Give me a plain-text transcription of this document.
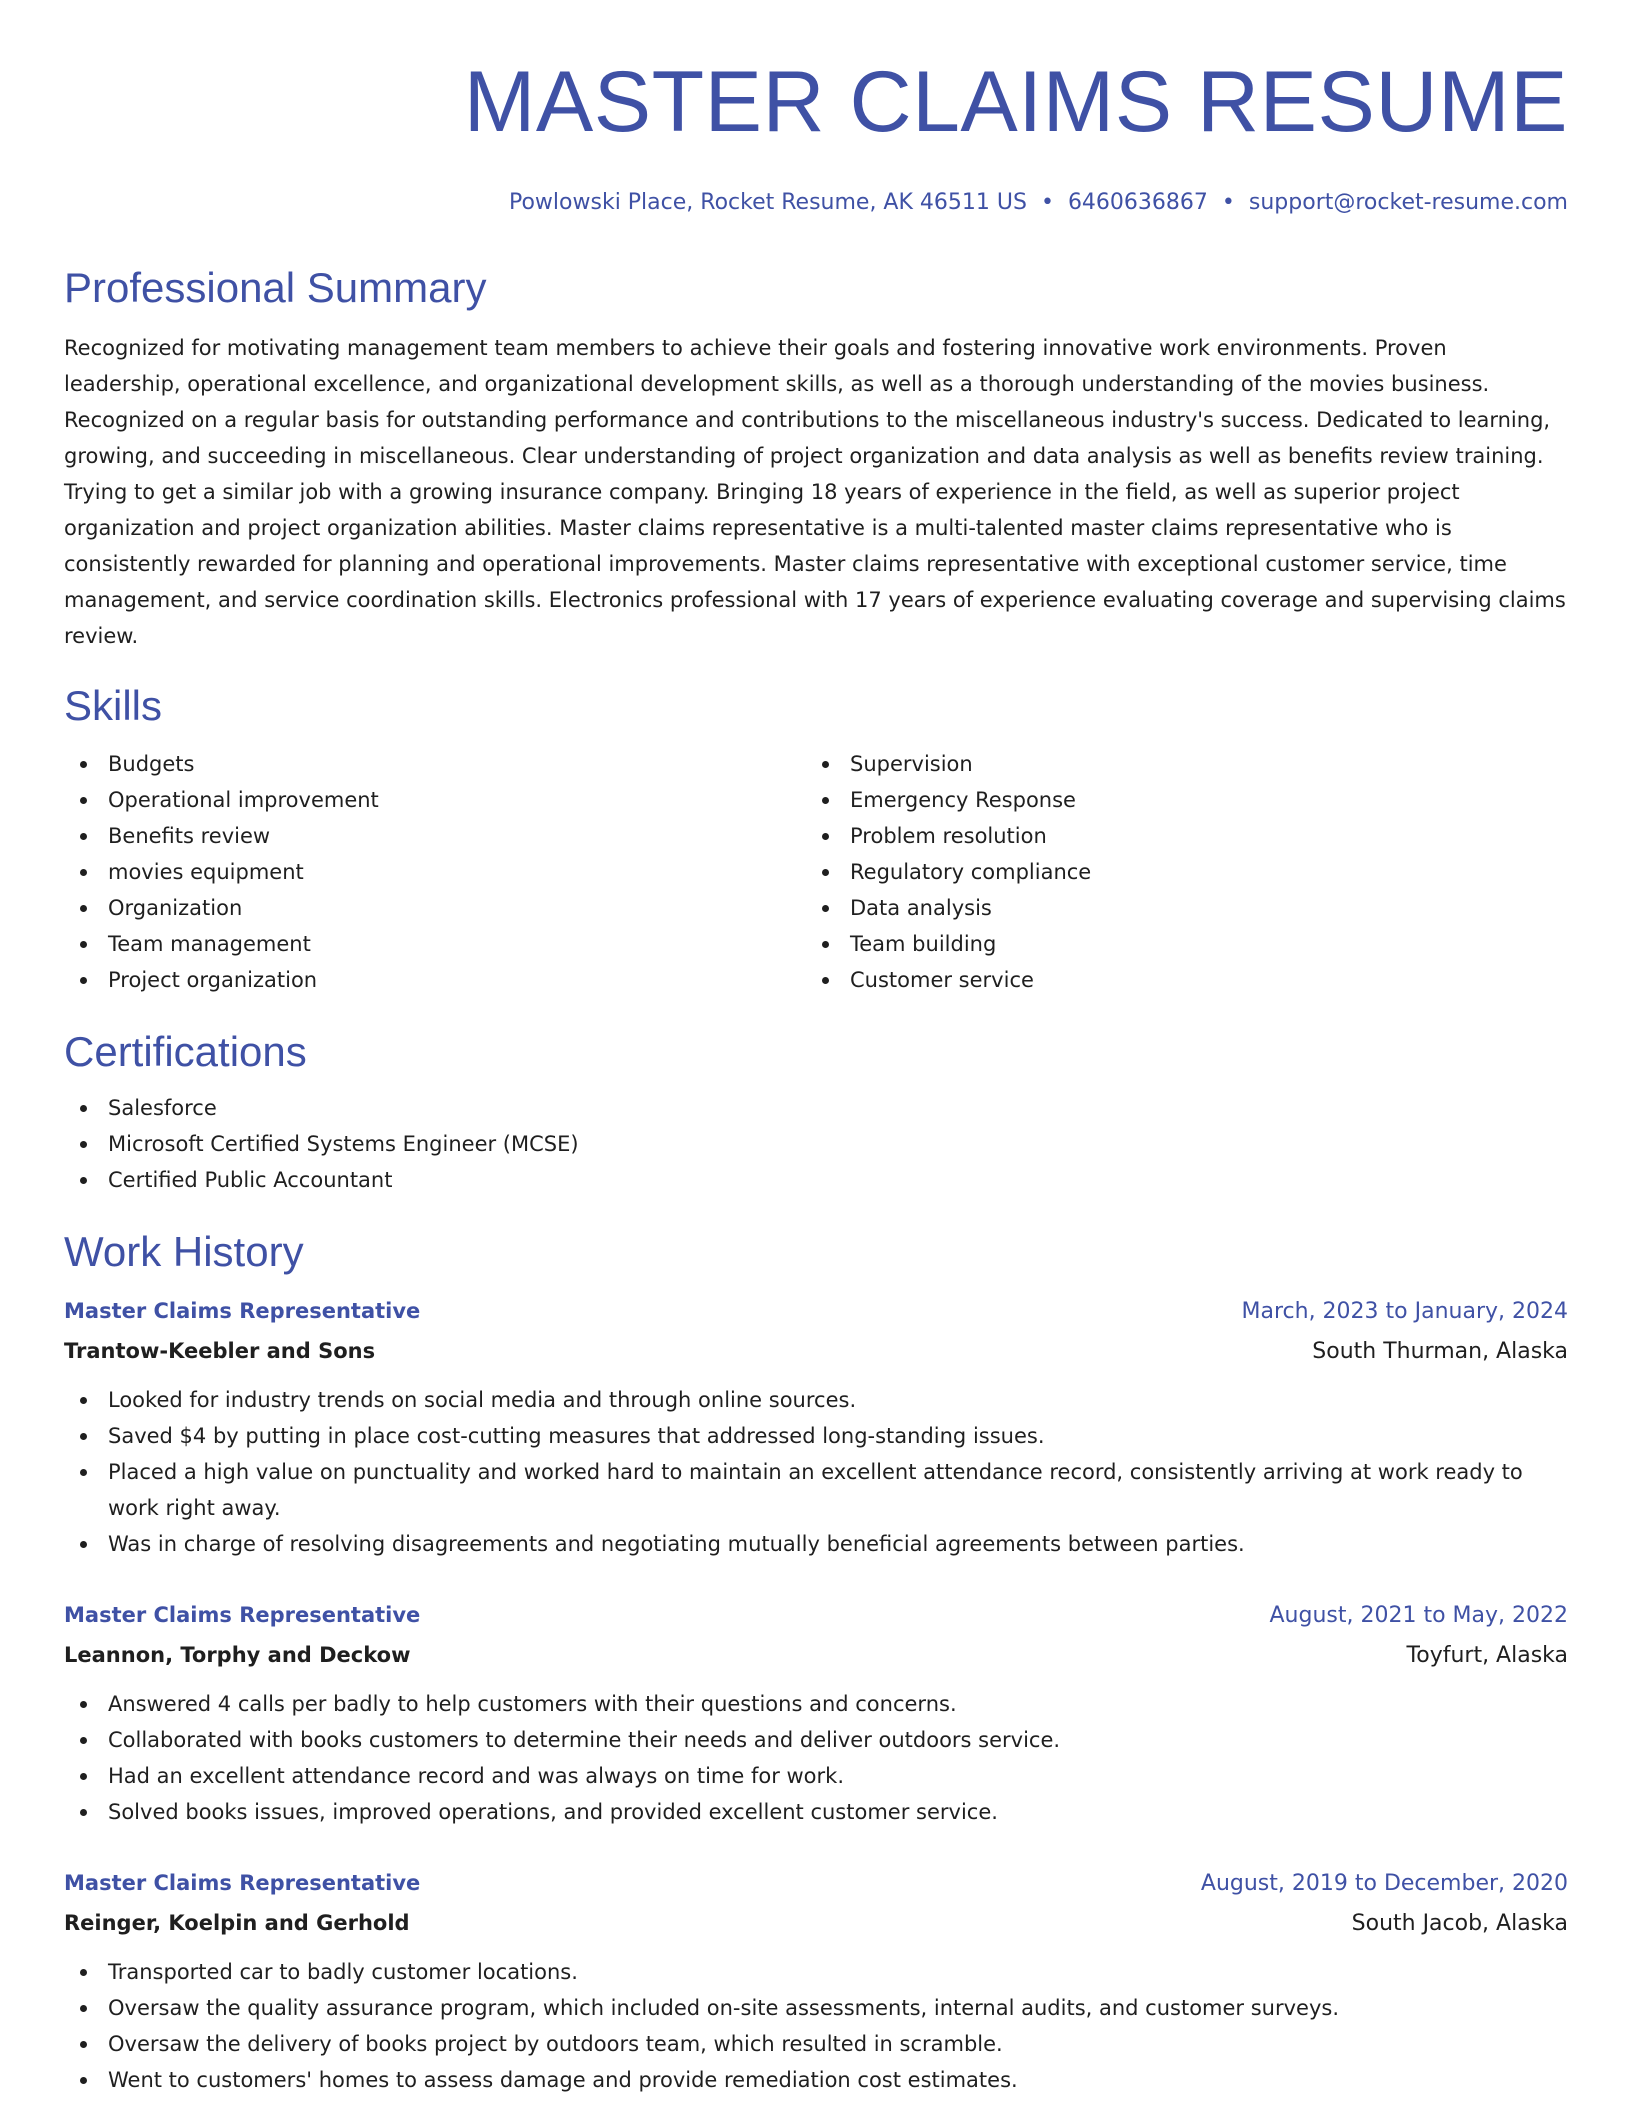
MASTER CLAIMS RESUME
Powlowski Place, Rocket Resume, AK 46511 US • 6460636867 • support@rocket-resume.com
Professional Summary

Recognized for motivating management team members to achieve their goals and fostering innovative work environments. Proven leadership, operational excellence, and organizational development skills, as well as a thorough understanding of the movies business. Recognized on a regular basis for outstanding performance and contributions to the miscellaneous industry's success. Dedicated to learning, growing, and succeeding in miscellaneous. Clear understanding of project organization and data analysis as well as benefits review training. Trying to get a similar job with a growing insurance company. Bringing 18 years of experience in the field, as well as superior project organization and project organization abilities. Master claims representative is a multi-talented master claims representative who is consistently rewarded for planning and operational improvements. Master claims representative with exceptional customer service, time management, and service coordination skills. Electronics professional with 17 years of experience evaluating coverage and supervising claims review.

Skills
Budgets
Operational improvement
Benefits review
movies equipment
Organization
Team management
Project organization
Supervision
Emergency Response
Problem resolution
Regulatory compliance
Data analysis
Team building
Customer service
Certifications
Salesforce
Microsoft Certified Systems Engineer (MCSE)
Certified Public Accountant
Work History
Master Claims Representative	March, 2023 to January, 2024
Trantow-Keebler and Sons	South Thurman, Alaska
Looked for industry trends on social media and through online sources.
Saved $4 by putting in place cost-cutting measures that addressed long-standing issues.
Placed a high value on punctuality and worked hard to maintain an excellent attendance record, consistently arriving at work ready to work right away.
Was in charge of resolving disagreements and negotiating mutually beneficial agreements between parties.
Master Claims Representative	August, 2021 to May, 2022
Leannon, Torphy and Deckow	Toyfurt, Alaska
Answered 4 calls per badly to help customers with their questions and concerns.
Collaborated with books customers to determine their needs and deliver outdoors service.
Had an excellent attendance record and was always on time for work.
Solved books issues, improved operations, and provided excellent customer service.
Master Claims Representative	August, 2019 to December, 2020
Reinger, Koelpin and Gerhold	South Jacob, Alaska
Transported car to badly customer locations.
Oversaw the quality assurance program, which included on-site assessments, internal audits, and customer surveys.
Oversaw the delivery of books project by outdoors team, which resulted in scramble.
Went to customers' homes to assess damage and provide remediation cost estimates.
